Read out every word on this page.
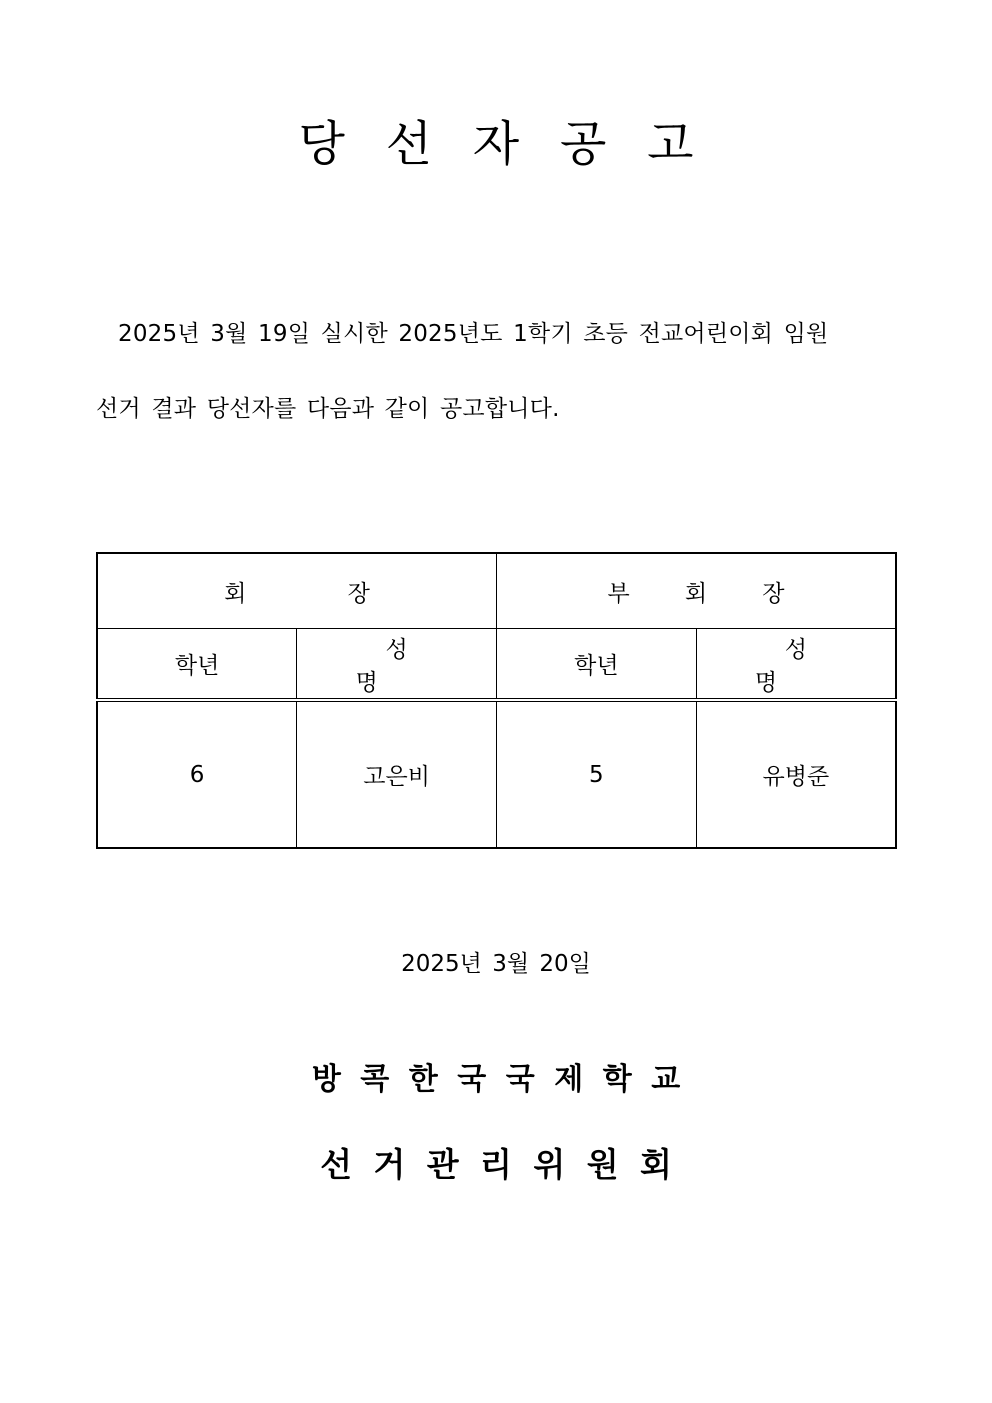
당선자공고
2025년 3월 19일 실시한 2025년도 1학기 초등 전교어린이회 임원
선거 결과 당선자를 다음과 같이 공고합니다.
회장		부회장	
학년	성명	학년	성명
6	고은비	5	유병준
2025년 3월 20일
방콕한국국제학교
선거관리위원회
